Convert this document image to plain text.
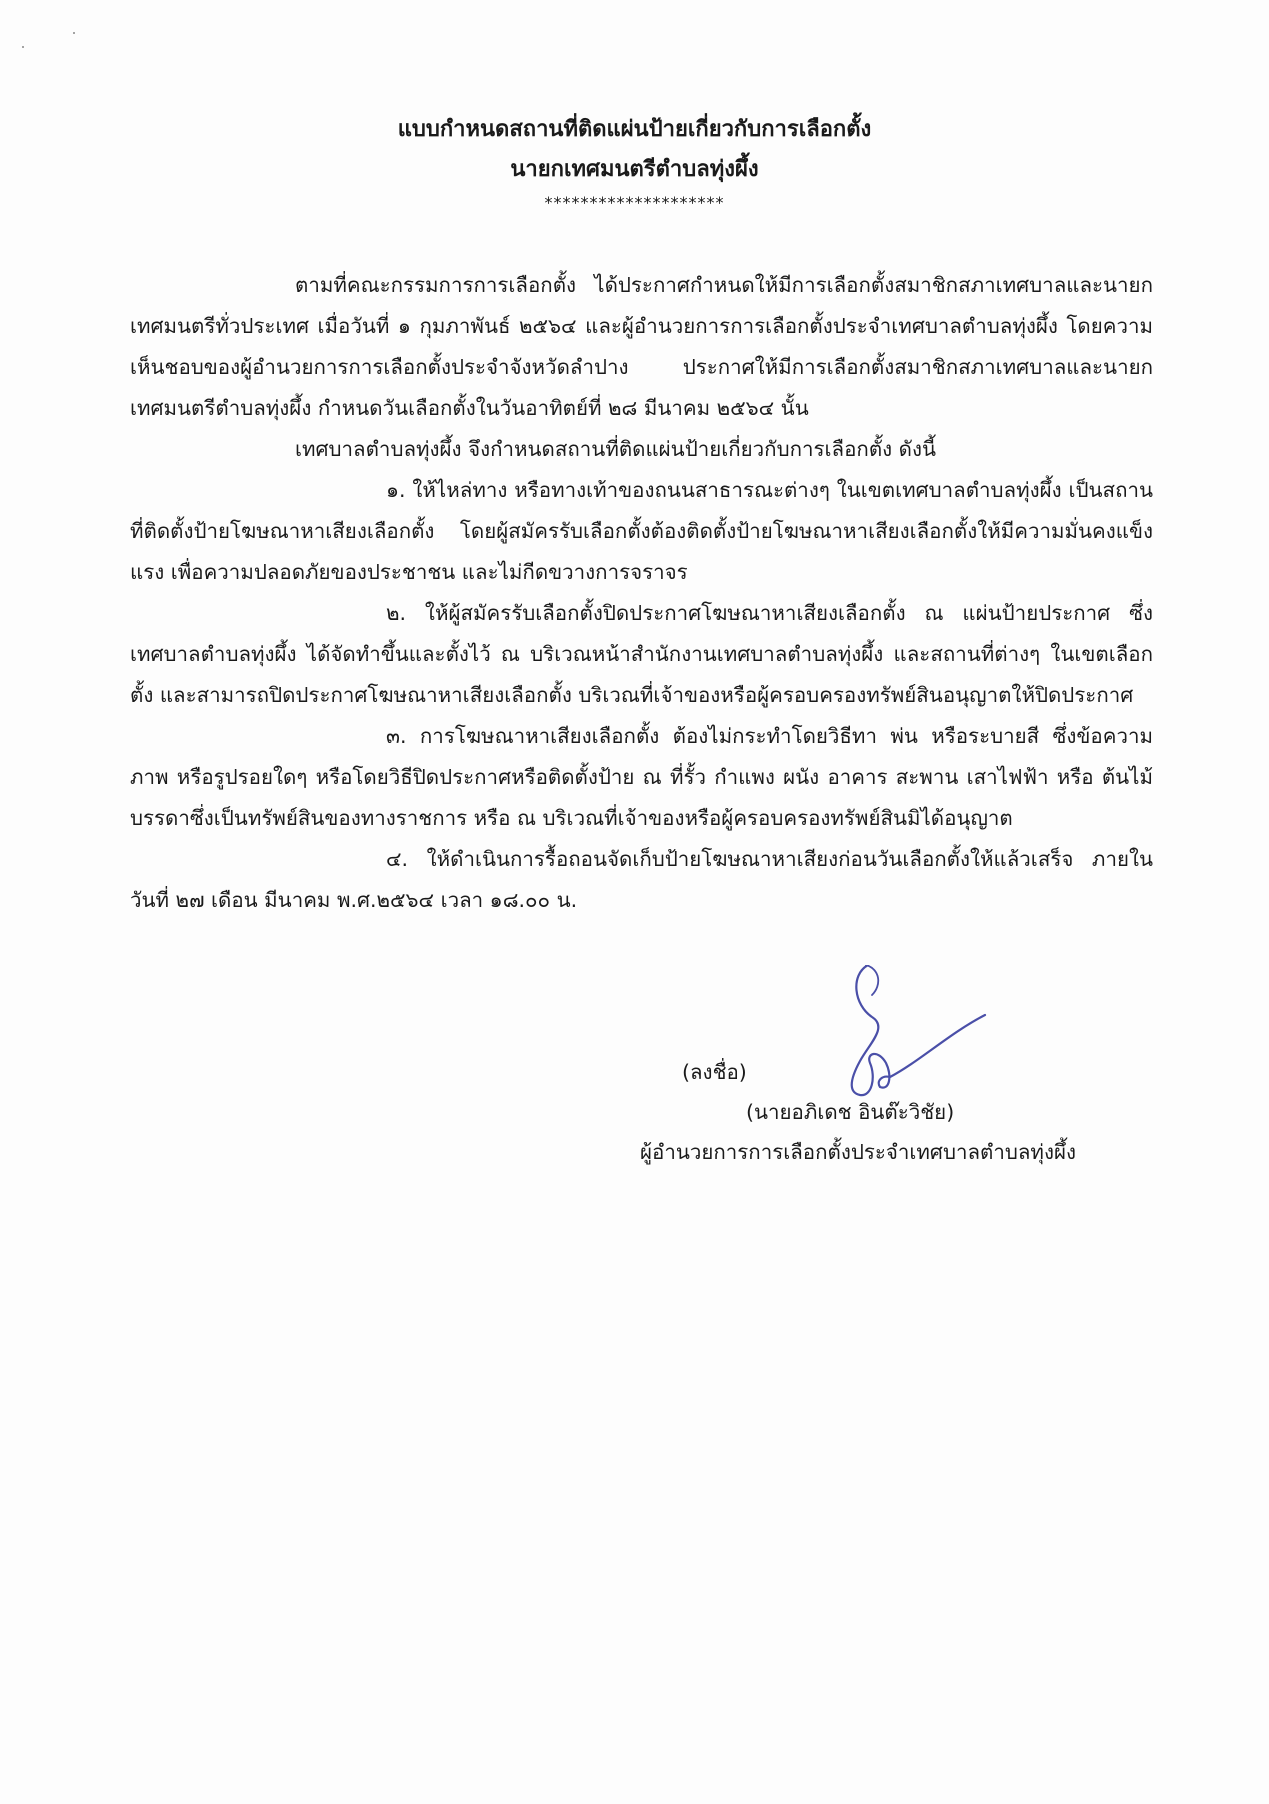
แบบกำหนดสถานที่ติดแผ่นป้ายเกี่ยวกับการเลือกตั้ง
นายกเทศมนตรีตำบลทุ่งผึ้ง
********************

ตามที่คณะกรรมการการเลือกตั้ง ได้ประกาศกำหนดให้มีการเลือกตั้งสมาชิกสภาเทศบาลและนายกเทศมนตรีทั่วประเทศ เมื่อวันที่ ๑ กุมภาพันธ์ ๒๕๖๔ และผู้อำนวยการการเลือกตั้งประจำเทศบาลตำบลทุ่งผึ้ง โดยความเห็นชอบของผู้อำนวยการการเลือกตั้งประจำจังหวัดลำปาง ประกาศให้มีการเลือกตั้งสมาชิกสภาเทศบาลและนายกเทศมนตรีตำบลทุ่งผึ้ง กำหนดวันเลือกตั้งในวันอาทิตย์ที่ ๒๘ มีนาคม ๒๕๖๔ นั้น

เทศบาลตำบลทุ่งผึ้ง จึงกำหนดสถานที่ติดแผ่นป้ายเกี่ยวกับการเลือกตั้ง ดังนี้

๑. ให้ไหล่ทาง หรือทางเท้าของถนนสาธารณะต่างๆ ในเขตเทศบาลตำบลทุ่งผึ้ง เป็นสถานที่ติดตั้งป้ายโฆษณาหาเสียงเลือกตั้ง โดยผู้สมัครรับเลือกตั้งต้องติดตั้งป้ายโฆษณาหาเสียงเลือกตั้งให้มีความมั่นคงแข็งแรง เพื่อความปลอดภัยของประชาชน และไม่กีดขวางการจราจร

๒. ให้ผู้สมัครรับเลือกตั้งปิดประกาศโฆษณาหาเสียงเลือกตั้ง ณ แผ่นป้ายประกาศ ซึ่งเทศบาลตำบลทุ่งผึ้ง ได้จัดทำขึ้นและตั้งไว้ ณ บริเวณหน้าสำนักงานเทศบาลตำบลทุ่งผึ้ง และสถานที่ต่างๆ ในเขตเลือกตั้ง และสามารถปิดประกาศโฆษณาหาเสียงเลือกตั้ง บริเวณที่เจ้าของหรือผู้ครอบครองทรัพย์สินอนุญาตให้ปิดประกาศ

๓. การโฆษณาหาเสียงเลือกตั้ง ต้องไม่กระทำโดยวิธีทา พ่น หรือระบายสี ซึ่งข้อความ ภาพ หรือรูปรอยใดๆ หรือโดยวิธีปิดประกาศหรือติดตั้งป้าย ณ ที่รั้ว กำแพง ผนัง อาคาร สะพาน เสาไฟฟ้า หรือ ต้นไม้ บรรดาซึ่งเป็นทรัพย์สินของทางราชการ หรือ ณ บริเวณที่เจ้าของหรือผู้ครอบครองทรัพย์สินมิได้อนุญาต

๔. ให้ดำเนินการรื้อถอนจัดเก็บป้ายโฆษณาหาเสียงก่อนวันเลือกตั้งให้แล้วเสร็จ ภายใน วันที่ ๒๗ เดือน มีนาคม พ.ศ.๒๕๖๔ เวลา ๑๘.๐๐ น.

(ลงชื่อ)
(นายอภิเดช อินต๊ะวิชัย)
ผู้อำนวยการการเลือกตั้งประจำเทศบาลตำบลทุ่งผึ้ง
